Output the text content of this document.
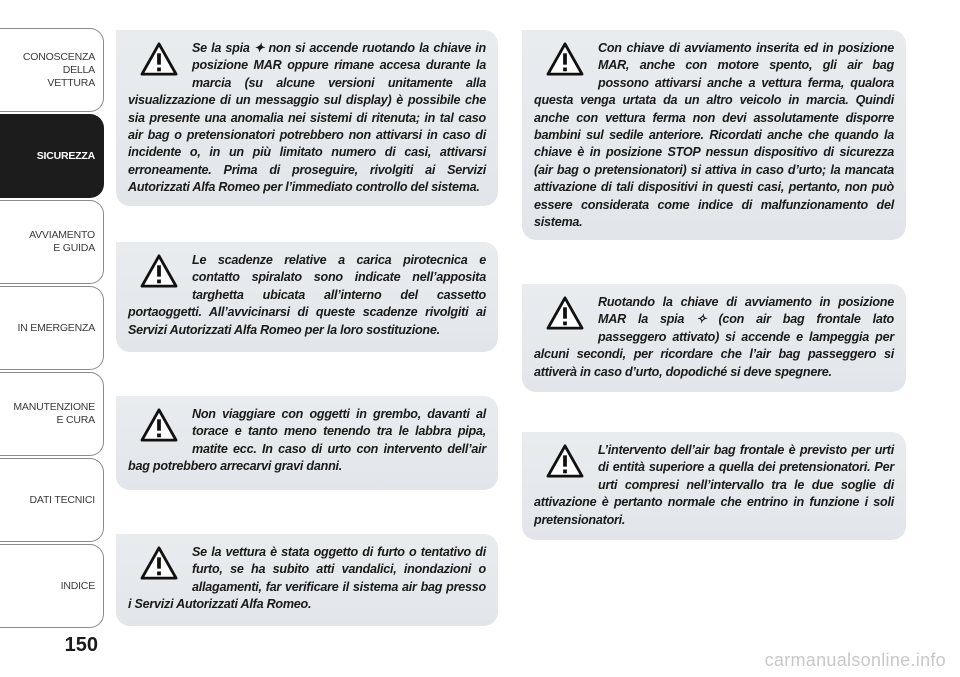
CONOSCENZA
DELLA
VETTURA
SICUREZZA
AVVIAMENTO
E GUIDA
IN EMERGENZA
MANUTENZIONE
E CURA
DATI TECNICI
INDICE
150
Se la spia ✦ non si accende ruotando la chiave in posizione MAR oppure rimane accesa durante la marcia (su alcune versioni unitamente alla visualizzazione di un messaggio sul display) è possibile che sia presente una anomalia nei sistemi di ritenuta; in tal caso air bag o pretensionatori potrebbero non attivarsi in caso di incidente o, in un più limitato numero di casi, attivarsi erroneamente. Prima di proseguire, rivolgiti ai Servizi Autorizzati Alfa Romeo per l’immediato controllo del sistema.
Le scadenze relative a carica pirotecnica e contatto spiralato sono indicate nell’apposita targhetta ubicata all’interno del cassetto portaoggetti. All’avvicinarsi di queste scadenze rivolgiti ai Servizi Autorizzati Alfa Romeo per la loro sostituzione.
Non viaggiare con oggetti in grembo, davanti al torace e tanto meno tenendo tra le labbra pipa, matite ecc. In caso di urto con intervento dell’air bag potrebbero arrecarvi gravi danni.
Se la vettura è stata oggetto di furto o tentativo di furto, se ha subito atti vandalici, inondazioni o allagamenti, far verificare il sistema air bag presso i Servizi Autorizzati Alfa Romeo.
Con chiave di avviamento inserita ed in posizione MAR, anche con motore spento, gli air bag possono attivarsi anche a vettura ferma, qualora questa venga urtata da un altro veicolo in marcia. Quindi anche con vettura ferma non devi assolutamente disporre bambini sul sedile anteriore. Ricordati anche che quando la chiave è in posizione STOP nessun dispositivo di sicurezza (air bag o pretensionatori) si attiva in caso d’urto; la mancata attivazione di tali dispositivi in questi casi, pertanto, non può essere considerata come indice di malfunzionamento del sistema.
Ruotando la chiave di avviamento in posizione MAR la spia ✧ (con air bag frontale lato passeggero attivato) si accende e lampeggia per alcuni secondi, per ricordare che l’air bag passeggero si attiverà in caso d’urto, dopodiché si deve spegnere.
L’intervento dell’air bag frontale è previsto per urti di entità superiore a quella dei pretensionatori. Per urti compresi nell’intervallo tra le due soglie di attivazione è pertanto normale che entrino in funzione i soli pretensionatori.
carmanualsonline.info
